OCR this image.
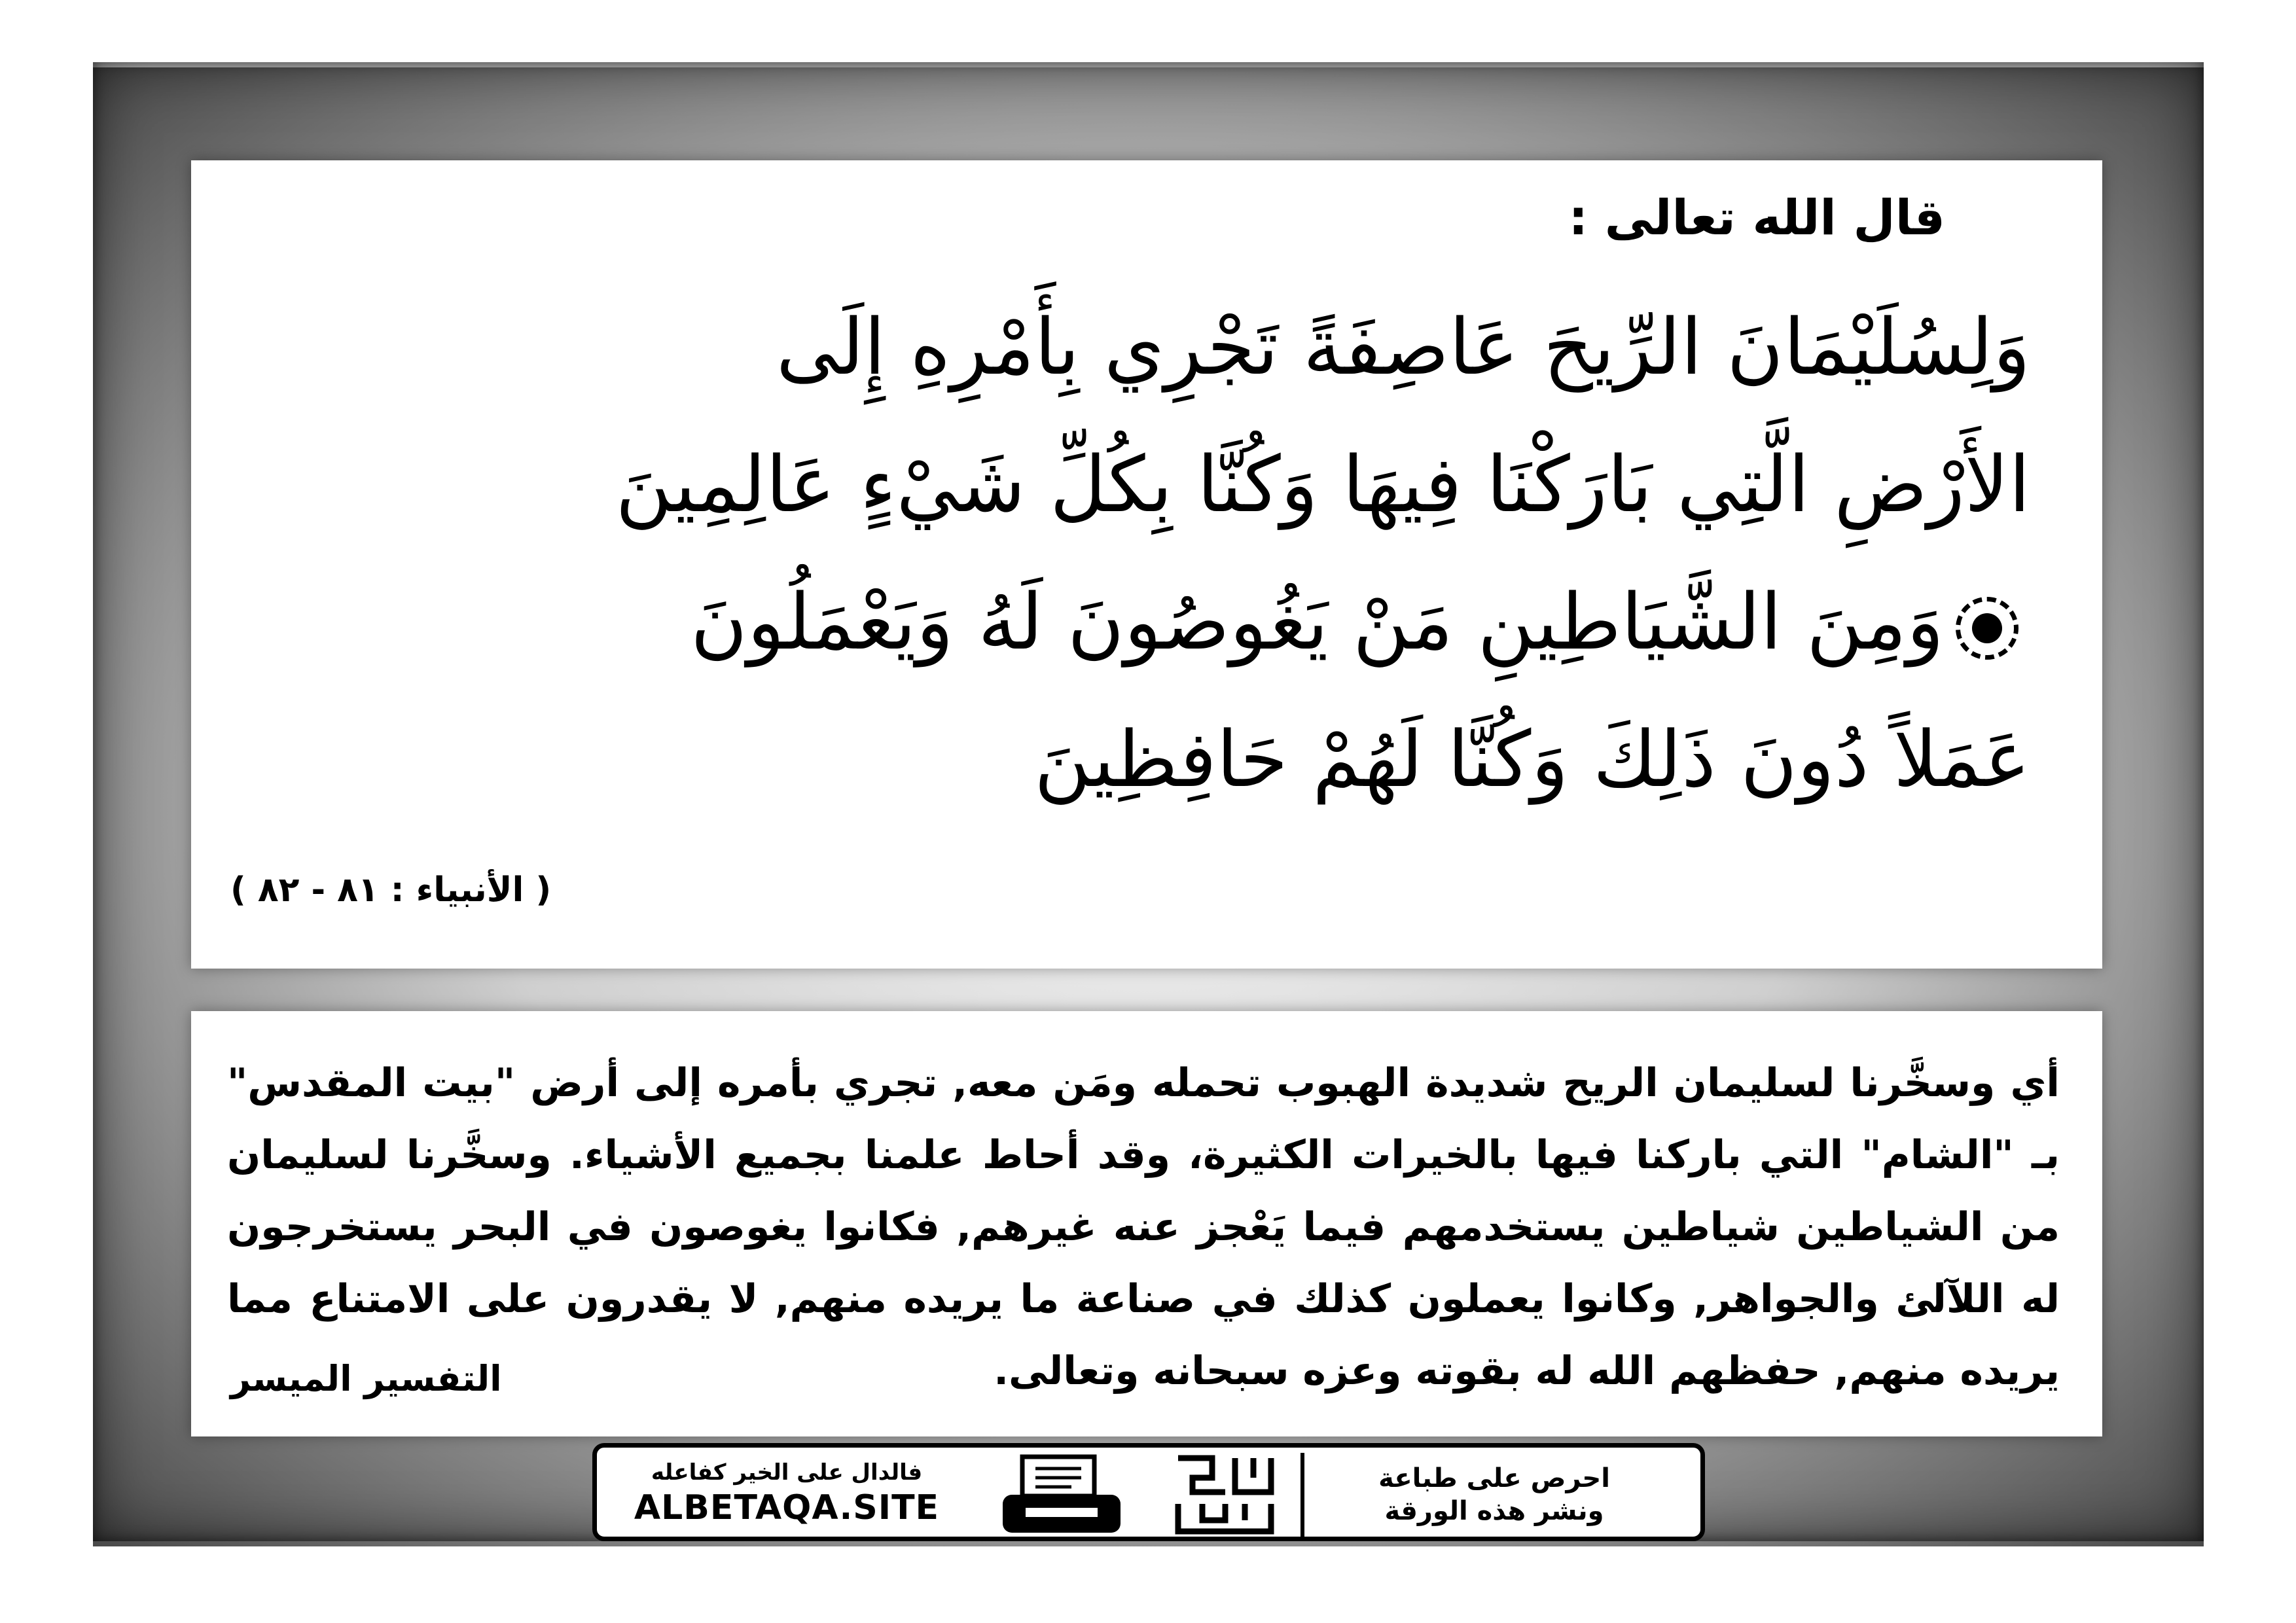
قال الله تعالى :
وَلِسُلَيْمَانَ الرِّيحَ عَاصِفَةً تَجْرِي بِأَمْرِهِ إِلَى
الأَرْضِ الَّتِي بَارَكْنَا فِيهَا وَكُنَّا بِكُلِّ شَيْءٍ عَالِمِينَ
وَمِنَ الشَّيَاطِينِ مَنْ يَغُوصُونَ لَهُ وَيَعْمَلُونَ
عَمَلاً دُونَ ذَلِكَ وَكُنَّا لَهُمْ حَافِظِينَ
( الأنبياء : ٨١ - ٨٢ )
أي وسخَّرنا لسليمان الريح شديدة الهبوب تحمله ومَن معه, تجري بأمره إلى أرض "بيت المقدس" بـ "الشام" التي باركنا فيها بالخيرات الكثيرة، وقد أحاط علمنا بجميع الأشياء. وسخَّرنا لسليمان من الشياطين شياطين يستخدمهم فيما يَعْجز عنه غيرهم, فكانوا يغوصون في البحر يستخرجون له اللآلئ والجواهر, وكانوا يعملون كذلك في صناعة ما يريده منهم, لا يقدرون على الامتناع مما يريده منهم, حفظهم الله له بقوته وعزه سبحانه وتعالى.
التفسير الميسر
فالدال على الخير كفاعله
ALBETAQA.SITE
احرص على طباعة
ونشر هذه الورقة
